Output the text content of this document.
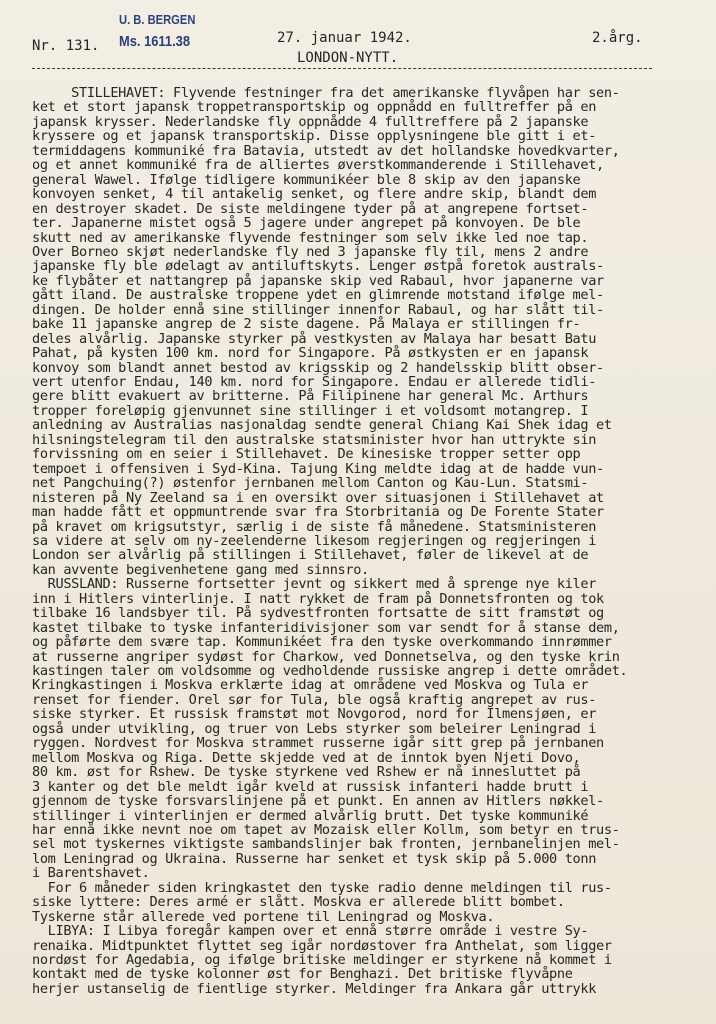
U. B. BERGEN
Ms. 1611.38
Nr. 131.	27. januar 1942.	2.årg.
LONDON-NYTT.
STILLEHAVET: Flyvende festninger fra det amerikanske flyvåpen har sen-
ket et stort japansk troppetransportskip og oppnådd en fulltreffer på en
japansk krysser. Nederlandske fly oppnådde 4 fulltreffere på 2 japanske
kryssere og et japansk transportskip. Disse opplysningene ble gitt i et-
termiddagens kommuniké fra Batavia, utstedt av det hollandske hovedkvarter,
og et annet kommuniké fra de alliertes øverstkommanderende i Stillehavet,
general Wawel. Ifølge tidligere kommunikéer ble 8 skip av den japanske
konvoyen senket, 4 til antakelig senket, og flere andre skip, blandt dem
en destroyer skadet. De siste meldingene tyder på at angrepene fortset-
ter. Japanerne mistet også 5 jagere under angrepet på konvoyen. De ble
skutt ned av amerikanske flyvende festninger som selv ikke led noe tap.
Over Borneo skjøt nederlandske fly ned 3 japanske fly til, mens 2 andre
japanske fly ble ødelagt av antiluftskyts. Lenger østpå foretok australs-
ke flybåter et nattangrep på japanske skip ved Rabaul, hvor japanerne var
gått iland. De australske troppene ydet en glimrende motstand ifølge mel-
dingen. De holder ennå sine stillinger innenfor Rabaul, og har slått til-
bake 11 japanske angrep de 2 siste dagene. På Malaya er stillingen fr-
deles alvårlig. Japanske styrker på vestkysten av Malaya har besatt Batu
Pahat, på kysten 100 km. nord for Singapore. På østkysten er en japansk
konvoy som blandt annet bestod av krigsskip og 2 handelsskip blitt obser-
vert utenfor Endau, 140 km. nord for Singapore. Endau er allerede tidli-
gere blitt evakuert av britterne. På Filipinene har general Mc. Arthurs
tropper foreløpig gjenvunnet sine stillinger i et voldsomt motangrep. I
anledning av Australias nasjonaldag sendte general Chiang Kai Shek idag et
hilsningstelegram til den australske statsminister hvor han uttrykte sin
forvissning om en seier i Stillehavet. De kinesiske tropper setter opp
tempoet i offensiven i Syd-Kina. Tajung King meldte idag at de hadde vun-
net Pangchuing(?) østenfor jernbanen mellom Canton og Kau-Lun. Statsmi-
nisteren på Ny Zeeland sa i en oversikt over situasjonen i Stillehavet at
man hadde fått et oppmuntrende svar fra Storbritania og De Forente Stater
på kravet om krigsutstyr, særlig i de siste få månedene. Statsministeren
sa videre at selv om ny-zeelenderne likesom regjeringen og regjeringen i
London ser alvårlig på stillingen i Stillehavet, føler de likevel at de
kan avvente begivenhetene gang med sinnsro.
RUSSLAND: Russerne fortsetter jevnt og sikkert med å sprenge nye kiler
inn i Hitlers vinterlinje. I natt rykket de fram på Donnetsfronten og tok
tilbake 16 landsbyer til. På sydvestfronten fortsatte de sitt framstøt og
kastet tilbake to tyske infanteridivisjoner som var sendt for å stanse dem,
og påførte dem svære tap. Kommunikéet fra den tyske overkommando innrømmer
at russerne angriper sydøst for Charkow, ved Donnetselva, og den tyske krin
kastingen taler om voldsomme og vedholdende russiske angrep i dette området.
Kringkastingen i Moskva erklærte idag at områdene ved Moskva og Tula er
renset for fiender. Orel sør for Tula, ble også kraftig angrepet av rus-
siske styrker. Et russisk framstøt mot Novgorod, nord for Ilmensjøen, er
også under utvikling, og truer von Lebs styrker som beleirer Leningrad i
ryggen. Nordvest for Moskva strammet russerne igår sitt grep på jernbanen
mellom Moskva og Riga. Dette skjedde ved at de inntok byen Njeti Dovo,
80 km. øst for Rshew. De tyske styrkene ved Rshew er nå innesluttet på
3 kanter og det ble meldt igår kveld at russisk infanteri hadde brutt i
gjennom de tyske forsvarslinjene på et punkt. En annen av Hitlers nøkkel-
stillinger i vinterlinjen er dermed alvårlig brutt. Det tyske kommuniké
har ennå ikke nevnt noe om tapet av Mozaisk eller Kollm, som betyr en trus-
sel mot tyskernes viktigste sambandslinjer bak fronten, jernbanelinjen mel-
lom Leningrad og Ukraina. Russerne har senket et tysk skip på 5.000 tonn
i Barentshavet.
For 6 måneder siden kringkastet den tyske radio denne meldingen til rus-
siske lyttere: Deres armé er slått. Moskva er allerede blitt bombet.
Tyskerne står allerede ved portene til Leningrad og Moskva.
LIBYA: I Libya foregår kampen over et ennå større område i vestre Sy-
renaika. Midtpunktet flyttet seg igår nordøstover fra Anthelat, som ligger
nordøst for Agedabia, og ifølge britiske meldinger er styrkene nå kommet i
kontakt med de tyske kolonner øst for Benghazi. Det britiske flyvåpne
herjer ustanselig de fientlige styrker. Meldinger fra Ankara går uttrykk
